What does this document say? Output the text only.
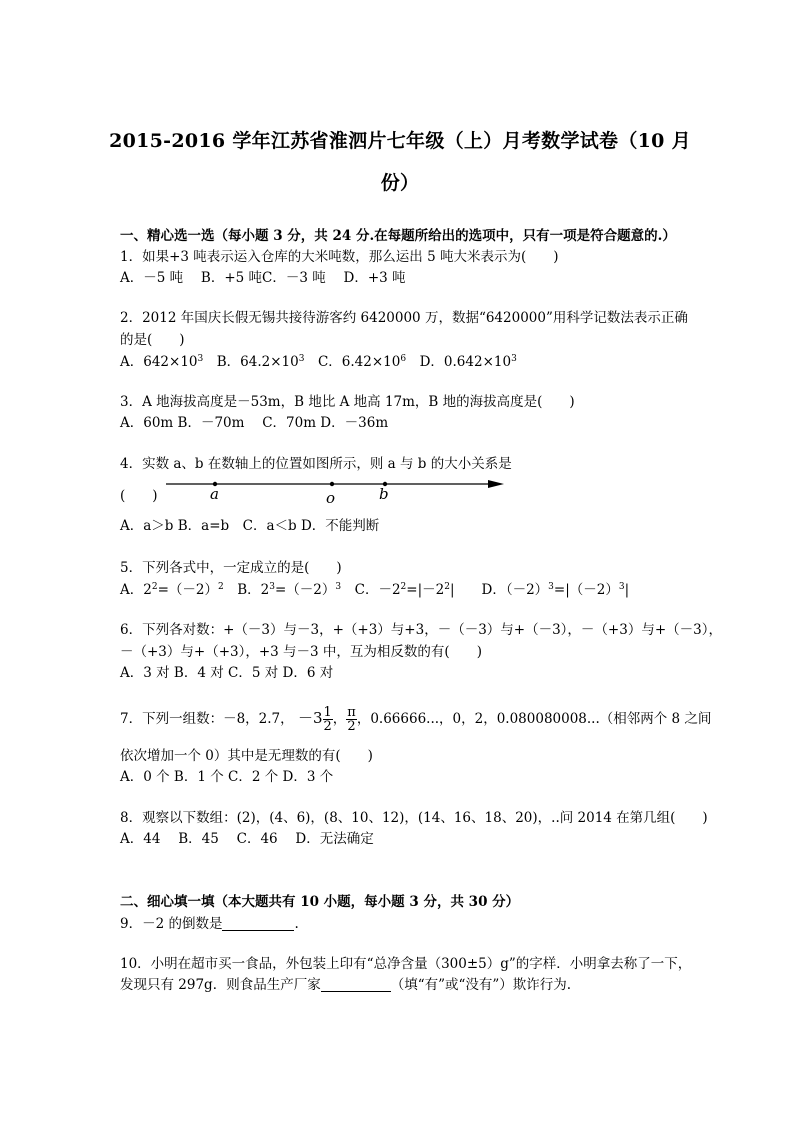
2015-2016 学年江苏省淮泗片七年级（上）月考数学试卷（10 月
份）
一、精心选一选（每小题 3 分，共 24 分.在每题所给出的选项中，只有一项是符合题意的.）
1．如果+3 吨表示运入仓库的大米吨数，那么运出 5 吨大米表示为(　　)
A．－5 吨　 B．+5 吨C．－3 吨　 D．+3 吨
2．2012 年国庆长假无锡共接待游客约 6420000 万，数据“6420000”用科学记数法表示正确
的是(　　)
A．$642\times 10^3$　B．$64.2\times 10^3$　C．$6.42\times 10^6$　D．$0.642\times 10^3$
3．A 地海拔高度是－53m，B 地比 A 地高 17m，B 地的海拔高度是(　　)
A．60m B．－70m　 C．70m D．－36m
4．实数 a、b 在数轴上的位置如图所示，则 a 与 b 的大小关系是
(　　)	a	o	b
A．a＞b B．a=b　C．a＜b D．不能判断
5．下列各式中，一定成立的是(　　)
A．$2^2=(-2)^2$　B．$2^3=(-2)^3$　C．$-2^2=|-2^2|$　　D．$(-2)^3=|(-2)^3|$
6．下列各对数：+（－3）与－3，+（+3）与+3，－（－3）与+（－3），－（+3）与+（－3），
－（+3）与+（+3），+3 与－3 中，互为相反数的有(　　)
A．3 对 B．4 对 C．5 对 D．6 对
7．下列一组数：－8，2.7， $-3 \frac{1}{2}$ ， $\frac{\pi}{2}$ ，0.66666...，0，2，0.080080008...（相邻两个 8 之间
依次增加一个 0）其中是无理数的有(　　)
A．0 个 B．1 个 C．2 个 D．3 个
8．观察以下数组：(2)，(4、6)，(8、10、12)，(14、16、18、20)，..问 2014 在第几组(　　)
A．44　 B．45　 C．46　 D．无法确定
二、细心填一填（本大题共有 10 小题，每小题 3 分，共 30 分）
9．－2 的倒数是	.
10．小明在超市买一食品，外包装上印有“总净含量（300±5）g”的字样．小明拿去称了一下，
发现只有 297g．则食品生产厂家	（填“有”或“没有”）欺诈行为.
